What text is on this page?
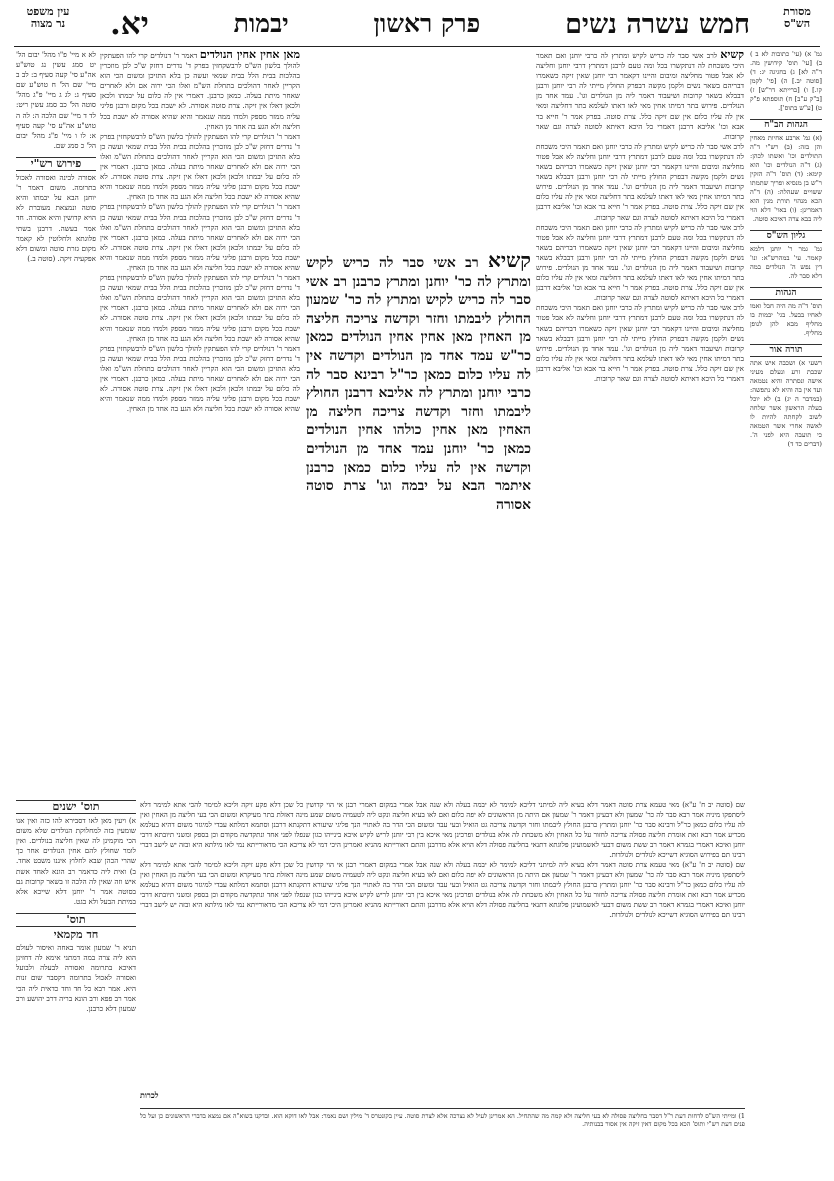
חמש עשרה נשים
פרק ראשון
יבמות
יא.
עין משפט
נר מצוה
מסורת
הש"ס

לא א מיי' פ"ו מהל' יבום הל' יט סמג עשין נג טוש"ע אה"ע סי' קעה סעיף ב: לב ב מיי' שם הל' ח טוש"ע שם סעיף ג: לג ג מיי' פ"ג מהל' סוטה הל' כב סמג עשין ריט: לד ד מיי' שם הלכה ה: לה ה טוש"ע אה"ע סי' קעה סעיף א: לו ו מיי' פ"ג מהל' יבום הל' כ סמג שם.

פירוש רש"י

אסורה לבינה ואסורה לאכול בתרומה. משום דאמר ר' יוחנן הבא על יבמתו והיא סוטה ונמצאת מעוברת לא הויא קדושין והיא אסורה. חד אמר בעשה. דרבנן בשתי פלוגתא ולחלוטין לא קאמר מקום גזרת סוטה ומשום דלא אפקעיה זיקה. (סוטה ב.)

תוס' ישנים

א) ויעין מאן לאו דסבירא להו כזה ואין אנו שומעין בזה למחלוקת הנולדים שלא משום הכי מוקמינן לה שאין חליצה בנולדים. ואין לומר שחולץ להם אחין הנולדים אחר כך שהרי הכהן שבא לחלוץ איננו משבט אחד. ב) ואית ליה כדאמר רב הונא לאחד אשת איש וזה שאין לה הלכה זו בשאר קרובות גם בסוטה אמר ר' יוחנן דלא שייכא אלא במיתת הבעל ולא בגט.

תוס'
חד מקמאי

תניא ר' שמעון אומר באחה ואיסור לעולם הוא ליה צרה במה דמתני אימא לה דחזינן דאיכא בתרומה ואסורה לבעלה ולבועל ואסורה לאכול בתרומה דקסבר שום זנות היא. אמר רבא כל חד וחד כדאית ליה הכי אמר רב פפא ורב הונא בריה דרב יהושע ורב שמעון דלא כרבנן.

מאן אחין אחין הנולדים דאמר ר' דנולדים קרי להו הפעתקין להולך בלשון הש"ס לרבשקחזין בפרק ד' נדרים דחזק ש"כ לכן מוזכרין בהלכות בבית הלל בבית שמאי ועשה כן בלא התזיכן ומשום הכי הוא הקריין לאחר דהולכים בתחלת הש"מ ואלו הכי ירוה אם ולא לאחרים שאחר מיתת בעלה. כמאן כרבנן. דאמרי אין לה כלום על יבמתו ולכאן ולכאן דאלו אין זיקה. צרת סוטה אסורה. לא ישבת בכל מקום ורבנן פליגי עליה ממזר מספק ולמדו ממה שנאמר והיא שהיא אסורה לא ישבת בכל חליצה ולא הגע בה אחד מן האחין.

דאמר ר' דנולדים קרי להו הפעתקין להולך בלשון הש"ס לרבשקחזין בפרק ד' נדרים דחזק ש"כ לכן מוזכרין בהלכות בבית הלל בבית שמאי ועשה כן בלא התזיכן ומשום הכי הוא הקריין לאחר דהולכים בתחלת הש"מ ואלו הכי ירוה אם ולא לאחרים שאחר מיתת בעלה. כמאן כרבנן. דאמרי אין לה כלום על יבמתו ולכאן ולכאן דאלו אין זיקה. צרת סוטה אסורה. לא ישבת בכל מקום ורבנן פליגי עליה ממזר מספק ולמדו ממה שנאמר והיא שהיא אסורה לא ישבת בכל חליצה ולא הגע בה אחד מן האחין.

דאמר ר' דנולדים קרי להו הפעתקין להולך בלשון הש"ס לרבשקחזין בפרק ד' נדרים דחזק ש"כ לכן מוזכרין בהלכות בבית הלל בבית שמאי ועשה כן בלא התזיכן ומשום הכי הוא הקריין לאחר דהולכים בתחלת הש"מ ואלו הכי ירוה אם ולא לאחרים שאחר מיתת בעלה. כמאן כרבנן. דאמרי אין לה כלום על יבמתו ולכאן ולכאן דאלו אין זיקה. צרת סוטה אסורה. לא ישבת בכל מקום ורבנן פליגי עליה ממזר מספק ולמדו ממה שנאמר והיא שהיא אסורה לא ישבת בכל חליצה ולא הגע בה אחד מן האחין.

דאמר ר' דנולדים קרי להו הפעתקין להולך בלשון הש"ס לרבשקחזין בפרק ד' נדרים דחזק ש"כ לכן מוזכרין בהלכות בבית הלל בבית שמאי ועשה כן בלא התזיכן ומשום הכי הוא הקריין לאחר דהולכים בתחלת הש"מ ואלו הכי ירוה אם ולא לאחרים שאחר מיתת בעלה. כמאן כרבנן. דאמרי אין לה כלום על יבמתו ולכאן ולכאן דאלו אין זיקה. צרת סוטה אסורה. לא ישבת בכל מקום ורבנן פליגי עליה ממזר מספק ולמדו ממה שנאמר והיא שהיא אסורה לא ישבת בכל חליצה ולא הגע בה אחד מן האחין.

דאמר ר' דנולדים קרי להו הפעתקין להולך בלשון הש"ס לרבשקחזין בפרק ד' נדרים דחזק ש"כ לכן מוזכרין בהלכות בבית הלל בבית שמאי ועשה כן בלא התזיכן ומשום הכי הוא הקריין לאחר דהולכים בתחלת הש"מ ואלו הכי ירוה אם ולא לאחרים שאחר מיתת בעלה. כמאן כרבנן. דאמרי אין לה כלום על יבמתו ולכאן ולכאן דאלו אין זיקה. צרת סוטה אסורה. לא ישבת בכל מקום ורבנן פליגי עליה ממזר מספק ולמדו ממה שנאמר והיא שהיא אסורה לא ישבת בכל חליצה ולא הגע בה אחד מן האחין.

קשיא רב אשי סבר לה כריש לקיש ומתרץ לה כר' יוחנן ומתרץ כרבנן רב אשי סבר לה כריש לקיש ומתרץ לה כר' שמעון החולץ ליבמתו וחזר וקדשה צריכה חליצה מן האחין מאן אחין אחין הנולדים כמאן כר"ש עמד אחד מן הנולדים וקדשה אין לה עליו כלום כמאן כר"ל רבינא סבר לה כרבי יוחנן ומתרץ לה אליבא דרבנן החולץ ליבמתו וחזר וקדשה צריכה חליצה מן האחין מאן אחין כולהו אחין הנולדים כמאן כר' יוחנן עמד אחד מן הנולדים וקדשה אין לה עליו כלום כמאן כרבנן איתמר הבא על יבמה וגו' צרת סוטה אסורה

קשיא לרב אשי סבר לה כריש לקיש ומתרץ לה כרבי יוחנן ואם תאמר היכי משכחת לה דנתקשרו בכל ומה טעם לרבנן דמתרץ דרבי יוחנן וחליצה לא אבל פטור מחליצה ומיבום והיינו דקאמר רבי יוחנן שאין זיקה כשאמרו דבריהם בשאר נשים ולקמן מקשה דבפרק החולץ מייתי לה רבי יוחנן ורבנן דבבלא בשאר קרובות ושיעבוד דאמר ליה מן הנולדים וגו'. עמד אחד מן הנולדים. פירוש בתר דמיתו אחין מאי לאו דאתו לעלמא בתר דחליצה ומאי אין לה עליו כלום אין שם זיקה כלל. צרת סוטה. בפרק אמר ר' חייא בר אבא וכו' אליבא דרבנן דאמרי כל היכא דאיתא לסוטה לצרה וגם שאר קרובות.

לרב אשי סבר לה כריש לקיש ומתרץ לה כרבי יוחנן ואם תאמר היכי משכחת לה דנתקשרו בכל ומה טעם לרבנן דמתרץ דרבי יוחנן וחליצה לא אבל פטור מחליצה ומיבום והיינו דקאמר רבי יוחנן שאין זיקה כשאמרו דבריהם בשאר נשים ולקמן מקשה דבפרק החולץ מייתי לה רבי יוחנן ורבנן דבבלא בשאר קרובות ושיעבוד דאמר ליה מן הנולדים וגו'. עמד אחד מן הנולדים. פירוש בתר דמיתו אחין מאי לאו דאתו לעלמא בתר דחליצה ומאי אין לה עליו כלום אין שם זיקה כלל. צרת סוטה. בפרק אמר ר' חייא בר אבא וכו' אליבא דרבנן דאמרי כל היכא דאיתא לסוטה לצרה וגם שאר קרובות.

לרב אשי סבר לה כריש לקיש ומתרץ לה כרבי יוחנן ואם תאמר היכי משכחת לה דנתקשרו בכל ומה טעם לרבנן דמתרץ דרבי יוחנן וחליצה לא אבל פטור מחליצה ומיבום והיינו דקאמר רבי יוחנן שאין זיקה כשאמרו דבריהם בשאר נשים ולקמן מקשה דבפרק החולץ מייתי לה רבי יוחנן ורבנן דבבלא בשאר קרובות ושיעבוד דאמר ליה מן הנולדים וגו'. עמד אחד מן הנולדים. פירוש בתר דמיתו אחין מאי לאו דאתו לעלמא בתר דחליצה ומאי אין לה עליו כלום אין שם זיקה כלל. צרת סוטה. בפרק אמר ר' חייא בר אבא וכו' אליבא דרבנן דאמרי כל היכא דאיתא לסוטה לצרה וגם שאר קרובות.

לרב אשי סבר לה כריש לקיש ומתרץ לה כרבי יוחנן ואם תאמר היכי משכחת לה דנתקשרו בכל ומה טעם לרבנן דמתרץ דרבי יוחנן וחליצה לא אבל פטור מחליצה ומיבום והיינו דקאמר רבי יוחנן שאין זיקה כשאמרו דבריהם בשאר נשים ולקמן מקשה דבפרק החולץ מייתי לה רבי יוחנן ורבנן דבבלא בשאר קרובות ושיעבוד דאמר ליה מן הנולדים וגו'. עמד אחד מן הנולדים. פירוש בתר דמיתו אחין מאי לאו דאתו לעלמא בתר דחליצה ומאי אין לה עליו כלום אין שם זיקה כלל. צרת סוטה. בפרק אמר ר' חייא בר אבא וכו' אליבא דרבנן דאמרי כל היכא דאיתא לסוטה לצרה וגם שאר קרובות.

גמ' א) (עי' כתובות לא ב ) ב) [עי' תוס' קידושין מה. ד"ה לא] ג) בחגיגה יג: ד) [סוטה יב.] ה) [פי' לקמן קו.] ו) [ברייתא דר"ש] ז) [ב"ק ע"ב] ח) תוספתא פ"ק ט) [ע"ש בתוס'].

הגהות הב"ח

(א) גמ' ארבע אחיות מאחין והן בזה: (ב) רש"י ד"ה התולדים וכו' ואשתו לכהן: (ג) ד"ה הנולדים וכו' הוא קימא: (ד) תוס' ד"ה הזקין ר"ש בן מנסיא ופריך שתמתו ששויים שעהלה: (ה) ד"ה הכא מנהוי תורת מנין הוא דאמרינן: (ו) באוי' דלא הוי ליה בבא צרה דאיכא סוטה.

גליון הש"ס

גמ' גמר ר' יוחנן דלמא קאמר. עי' במהרש"א: ונו' דין נפש ה' הנולדים במה דלא סבר לה.

הגהות

תוס' ד"ה מה היה חבל ואמו לאחיו בבעל. בגי' יבמות בו מחליף מבא להן לנופן מחליף.

תורה אור

רשעי א) ושכבה איש אתה שכבת זרע ונעלם מעיני אישה ונסתרה והיא נטמאה ועד אין בה והיא לא נתפשה: (במדבר ה יג) ב) לא יוכל בעלה הראשון אשר שלחה לשוב לקחתה להיות לו לאשה אחרי אשר הטמאה כי תועבה היא לפני ה'. (דברים כד ד)

שם (סוטה יב ח' ע"א) מאי טעמא צרת סוטה דאמר דלא בעיא ליה למיתני דליכא למימר לא יבמה בעלה ולא שנה אבל אמרי במקום דאמרי רבנן אי הוי קדושין כל שכן דלא פקע זיקה וליכא למימר להכי אתא למימר דלא ליסתפקו מיניה אמר רבא סבר לה כר' שמעון ולא דבעינן דאמר ר' שמעון אם היתה מן הראשונים לא יפה כלום ואם לאו בעיא חליצה ונקט ליה לטעמיה משום שמע מינה דאזלת בתר מעיקרא ומשום הכי בעי חליצה מן האחין ואין לה עליו כלום כמאן כר"ל ורבינא סבר כר' יוחנן ומתרץ כרבנן החולץ ליבמתו וחזר וקדשה צריכה גט הואיל ובעי עבד ומשום הכי הדר בה לאתויי הנך פליגי שיעורא דתקנתא דרבנן וסתמא דמלתא עבדי למיגזר משום דהיא בעלמא מכריע אמר רבא זאת אומרת חליצה פסולה צריכה לחזור על כל האחין ולא משכחת לה אלא בנולדים ופרכינן מאי איכא בין רבי יוחנן לריש לקיש איכא בינייהו כגון שנפלו לפני אחד ונתקדשה מקודם וכן בספק ומשני תיובתא דרבי יוחנן ואיכא דאמרי בגמרא דאמר רב ששת משום דבעי לאשמועינן פלוגתא דתנאי בחליצה פסולה דלא הויא אלא מדרבנן והתם דאורייתא מהניא ואמרינן היכי דמי לא צריכא הכי מדאורייתא נמי לאו מילתא היא ובזה יש לישב דברי רבינו תם בפירוש הסוגיא דשייכא לנולדים ולנולדות.

שם (סוטה יב ח' ע"א) מאי טעמא צרת סוטה דאמר דלא בעיא ליה למיתני דליכא למימר לא יבמה בעלה ולא שנה אבל אמרי במקום דאמרי רבנן אי הוי קדושין כל שכן דלא פקע זיקה וליכא למימר להכי אתא למימר דלא ליסתפקו מיניה אמר רבא סבר לה כר' שמעון ולא דבעינן דאמר ר' שמעון אם היתה מן הראשונים לא יפה כלום ואם לאו בעיא חליצה ונקט ליה לטעמיה משום שמע מינה דאזלת בתר מעיקרא ומשום הכי בעי חליצה מן האחין ואין לה עליו כלום כמאן כר"ל ורבינא סבר כר' יוחנן ומתרץ כרבנן החולץ ליבמתו וחזר וקדשה צריכה גט הואיל ובעי עבד ומשום הכי הדר בה לאתויי הנך פליגי שיעורא דתקנתא דרבנן וסתמא דמלתא עבדי למיגזר משום דהיא בעלמא מכריע אמר רבא זאת אומרת חליצה פסולה צריכה לחזור על כל האחין ולא משכחת לה אלא בנולדים ופרכינן מאי איכא בין רבי יוחנן לריש לקיש איכא בינייהו כגון שנפלו לפני אחד ונתקדשה מקודם וכן בספק ומשני תיובתא דרבי יוחנן ואיכא דאמרי בגמרא דאמר רב ששת משום דבעי לאשמועינן פלוגתא דתנאי בחליצה פסולה דלא הויא אלא מדרבנן והתם דאורייתא מהניא ואמרינן היכי דמי לא צריכא הכי מדאורייתא נמי לאו מילתא היא ובזה יש לישב דברי רבינו תם בפירוש הסוגיא דשייכא לנולדים ולנולדות.

1) ומייתי הש"ס לדחות דעת ר"ל דסבר בחליצה פסולה לא בעי חליצה ולא קמה מה שהתחיל. הא אמרינן לעיל לא נצרכה אלא לצרת סוטה. עיין בקונטרס ד' מילין ושם נאמר: אבל לאו דוקא הוא. ובדקנו בשוא"ה אם נמצא בדברי הראשונים כן ועל כל פנים דעת רש"י ותוס' הכא בכל מקום דאין זיקה אין אסור בבנותיה.
לכרות
